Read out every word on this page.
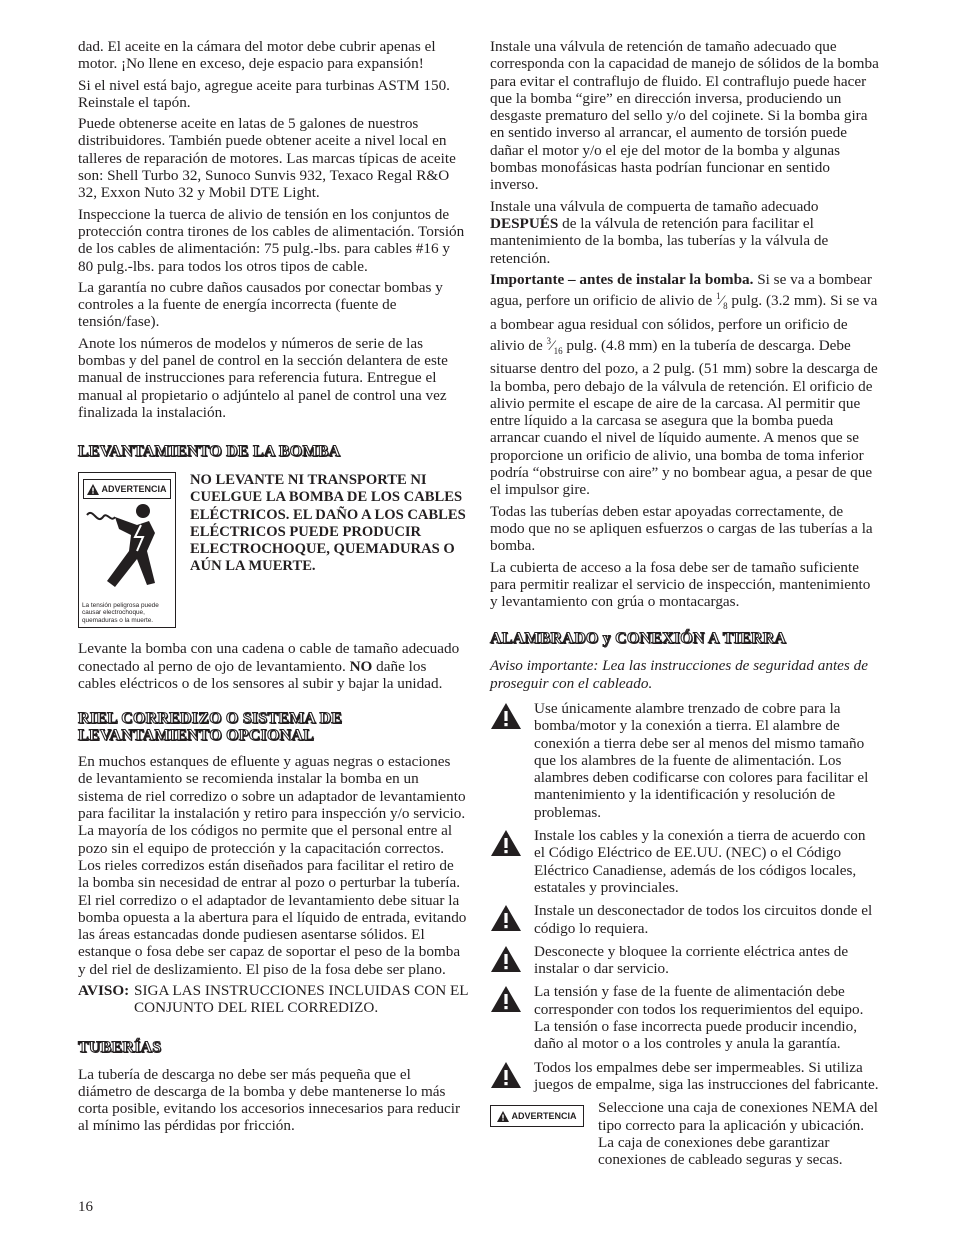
dad. El aceite en la cámara del motor debe cubrir apenas el motor. ¡No llene en exceso, deje espacio para expansión!

Si el nivel está bajo, agregue aceite para turbinas ASTM 150. Reinstale el tapón.

Puede obtenerse aceite en latas de 5 galones de nuestros distribuidores. También puede obtener aceite a nivel local en talleres de reparación de motores. Las marcas típicas de aceite son: Shell Turbo 32, Sunoco Sunvis 932, Texaco Regal R&O 32, Exxon Nuto 32 y Mobil DTE Light.

Inspeccione la tuerca de alivio de tensión en los conjuntos de protección contra tirones de los cables de alimentación. Torsión de los cables de alimentación: 75 pulg.-lbs. para cables #16 y 80 pulg.-lbs. para todos los otros tipos de cable.

La garantía no cubre daños causados por conectar bombas y controles a la fuente de energía incorrecta (fuente de tensión/fase).

Anote los números de modelos y números de serie de las bombas y del panel de control en la sección delantera de este manual de instrucciones para referencia futura. Entregue el manual al propietario o adjúntelo al panel de control una vez finalizada la instalación.

LEVANTAMIENTO DE LA BOMBA
ADVERTENCIA
La tensión peligrosa puede causar electrochoque, quemaduras o la muerte.
NO LEVANTE NI TRANSPORTE NI CUELGUE LA BOMBA DE LOS CABLES ELÉCTRICOS. EL DAÑO A LOS CABLES ELÉCTRICOS PUEDE PRODUCIR ELECTROCHOQUE, QUEMADURAS O AÚN LA MUERTE.

Levante la bomba con una cadena o cable de tamaño adecuado conectado al perno de ojo de levantamiento. NO dañe los cables eléctricos o de los sensores al subir y bajar la unidad.

RIEL CORREDIZO O SISTEMA DE LEVANTAMIENTO OPCIONAL

En muchos estanques de efluente y aguas negras o estaciones de levantamiento se recomienda instalar la bomba en un sistema de riel corredizo o sobre un adaptador de levantamiento para facilitar la instalación y retiro para inspección y/o servicio. La mayoría de los códigos no permite que el personal entre al pozo sin el equipo de protección y la capacitación correctos. Los rieles corredizos están diseñados para facilitar el retiro de la bomba sin necesidad de entrar al pozo o perturbar la tubería. El riel corredizo o el adaptador de levantamiento debe situar la bomba opuesta a la abertura para el líquido de entrada, evitando las áreas estancadas donde pudiesen asentarse sólidos. El estanque o fosa debe ser capaz de soportar el peso de la bomba y del riel de deslizamiento. El piso de la fosa debe ser plano.

AVISO: SIGA LAS INSTRUCCIONES INCLUIDAS CON EL CONJUNTO DEL RIEL CORREDIZO.
TUBERÍAS

La tubería de descarga no debe ser más pequeña que el diámetro de descarga de la bomba y debe mantenerse lo más corta posible, evitando los accesorios innecesarios para reducir al mínimo las pérdidas por fricción.

Instale una válvula de retención de tamaño adecuado que corresponda con la capacidad de manejo de sólidos de la bomba para evitar el contraflujo de fluido. El contraflujo puede hacer que la bomba “gire” en dirección inversa, produciendo un desgaste prematuro del sello y/o del cojinete. Si la bomba gira en sentido inverso al arrancar, el aumento de torsión puede dañar el motor y/o el eje del motor de la bomba y algunas bombas monofásicas hasta podrían funcionar en sentido inverso.

Instale una válvula de compuerta de tamaño adecuado DESPUÉS de la válvula de retención para facilitar el mantenimiento de la bomba, las tuberías y la válvula de retención.

Importante – antes de instalar la bomba. Si se va a bombear agua, perfore un orificio de alivio de $^1⁄_8$ pulg. (3.2 mm). Si se va a bombear agua residual con sólidos, perfore un orificio de alivio de $^3⁄_{16}$ pulg. (4.8 mm) en la tubería de descarga. Debe situarse dentro del pozo, a 2 pulg. (51 mm) sobre la descarga de la bomba, pero debajo de la válvula de retención. El orificio de alivio permite el escape de aire de la carcasa. Al permitir que entre líquido a la carcasa se asegura que la bomba pueda arrancar cuando el nivel de líquido aumente. A menos que se proporcione un orificio de alivio, una bomba de toma inferior podría “obstruirse con aire” y no bombear agua, a pesar de que el impulsor gire.

Todas las tuberías deben estar apoyadas correctamente, de modo que no se apliquen esfuerzos o cargas de las tuberías a la bomba.

La cubierta de acceso a la fosa debe ser de tamaño suficiente para permitir realizar el servicio de inspección, mantenimiento y levantamiento con grúa o montacargas.

ALAMBRADO y CONEXIÓN A TIERRA

Aviso importante: Lea las instrucciones de seguridad antes de proseguir con el cableado.

Use únicamente alambre trenzado de cobre para la bomba/motor y la conexión a tierra. El alambre de conexión a tierra debe ser al menos del mismo tamaño que los alambres de la fuente de alimentación. Los alambres deben codificarse con colores para facilitar el mantenimiento y la identificación y resolución de problemas.
Instale los cables y la conexión a tierra de acuerdo con el Código Eléctrico de EE.UU. (NEC) o el Código Eléctrico Canadiense, además de los códigos locales, estatales y provinciales.
Instale un desconectador de todos los circuitos donde el código lo requiera.
Desconecte y bloquee la corriente eléctrica antes de instalar o dar servicio.
La tensión y fase de la fuente de alimentación debe corresponder con todos los requerimientos del equipo. La tensión o fase incorrecta puede producir incendio, daño al motor o a los controles y anula la garantía.
Todos los empalmes debe ser impermeables. Si utiliza juegos de empalme, siga las instrucciones del fabricante.
ADVERTENCIA Seleccione una caja de conexiones NEMA del tipo correcto para la aplicación y ubicación. La caja de conexiones debe garantizar conexiones de cableado seguras y secas.
16
